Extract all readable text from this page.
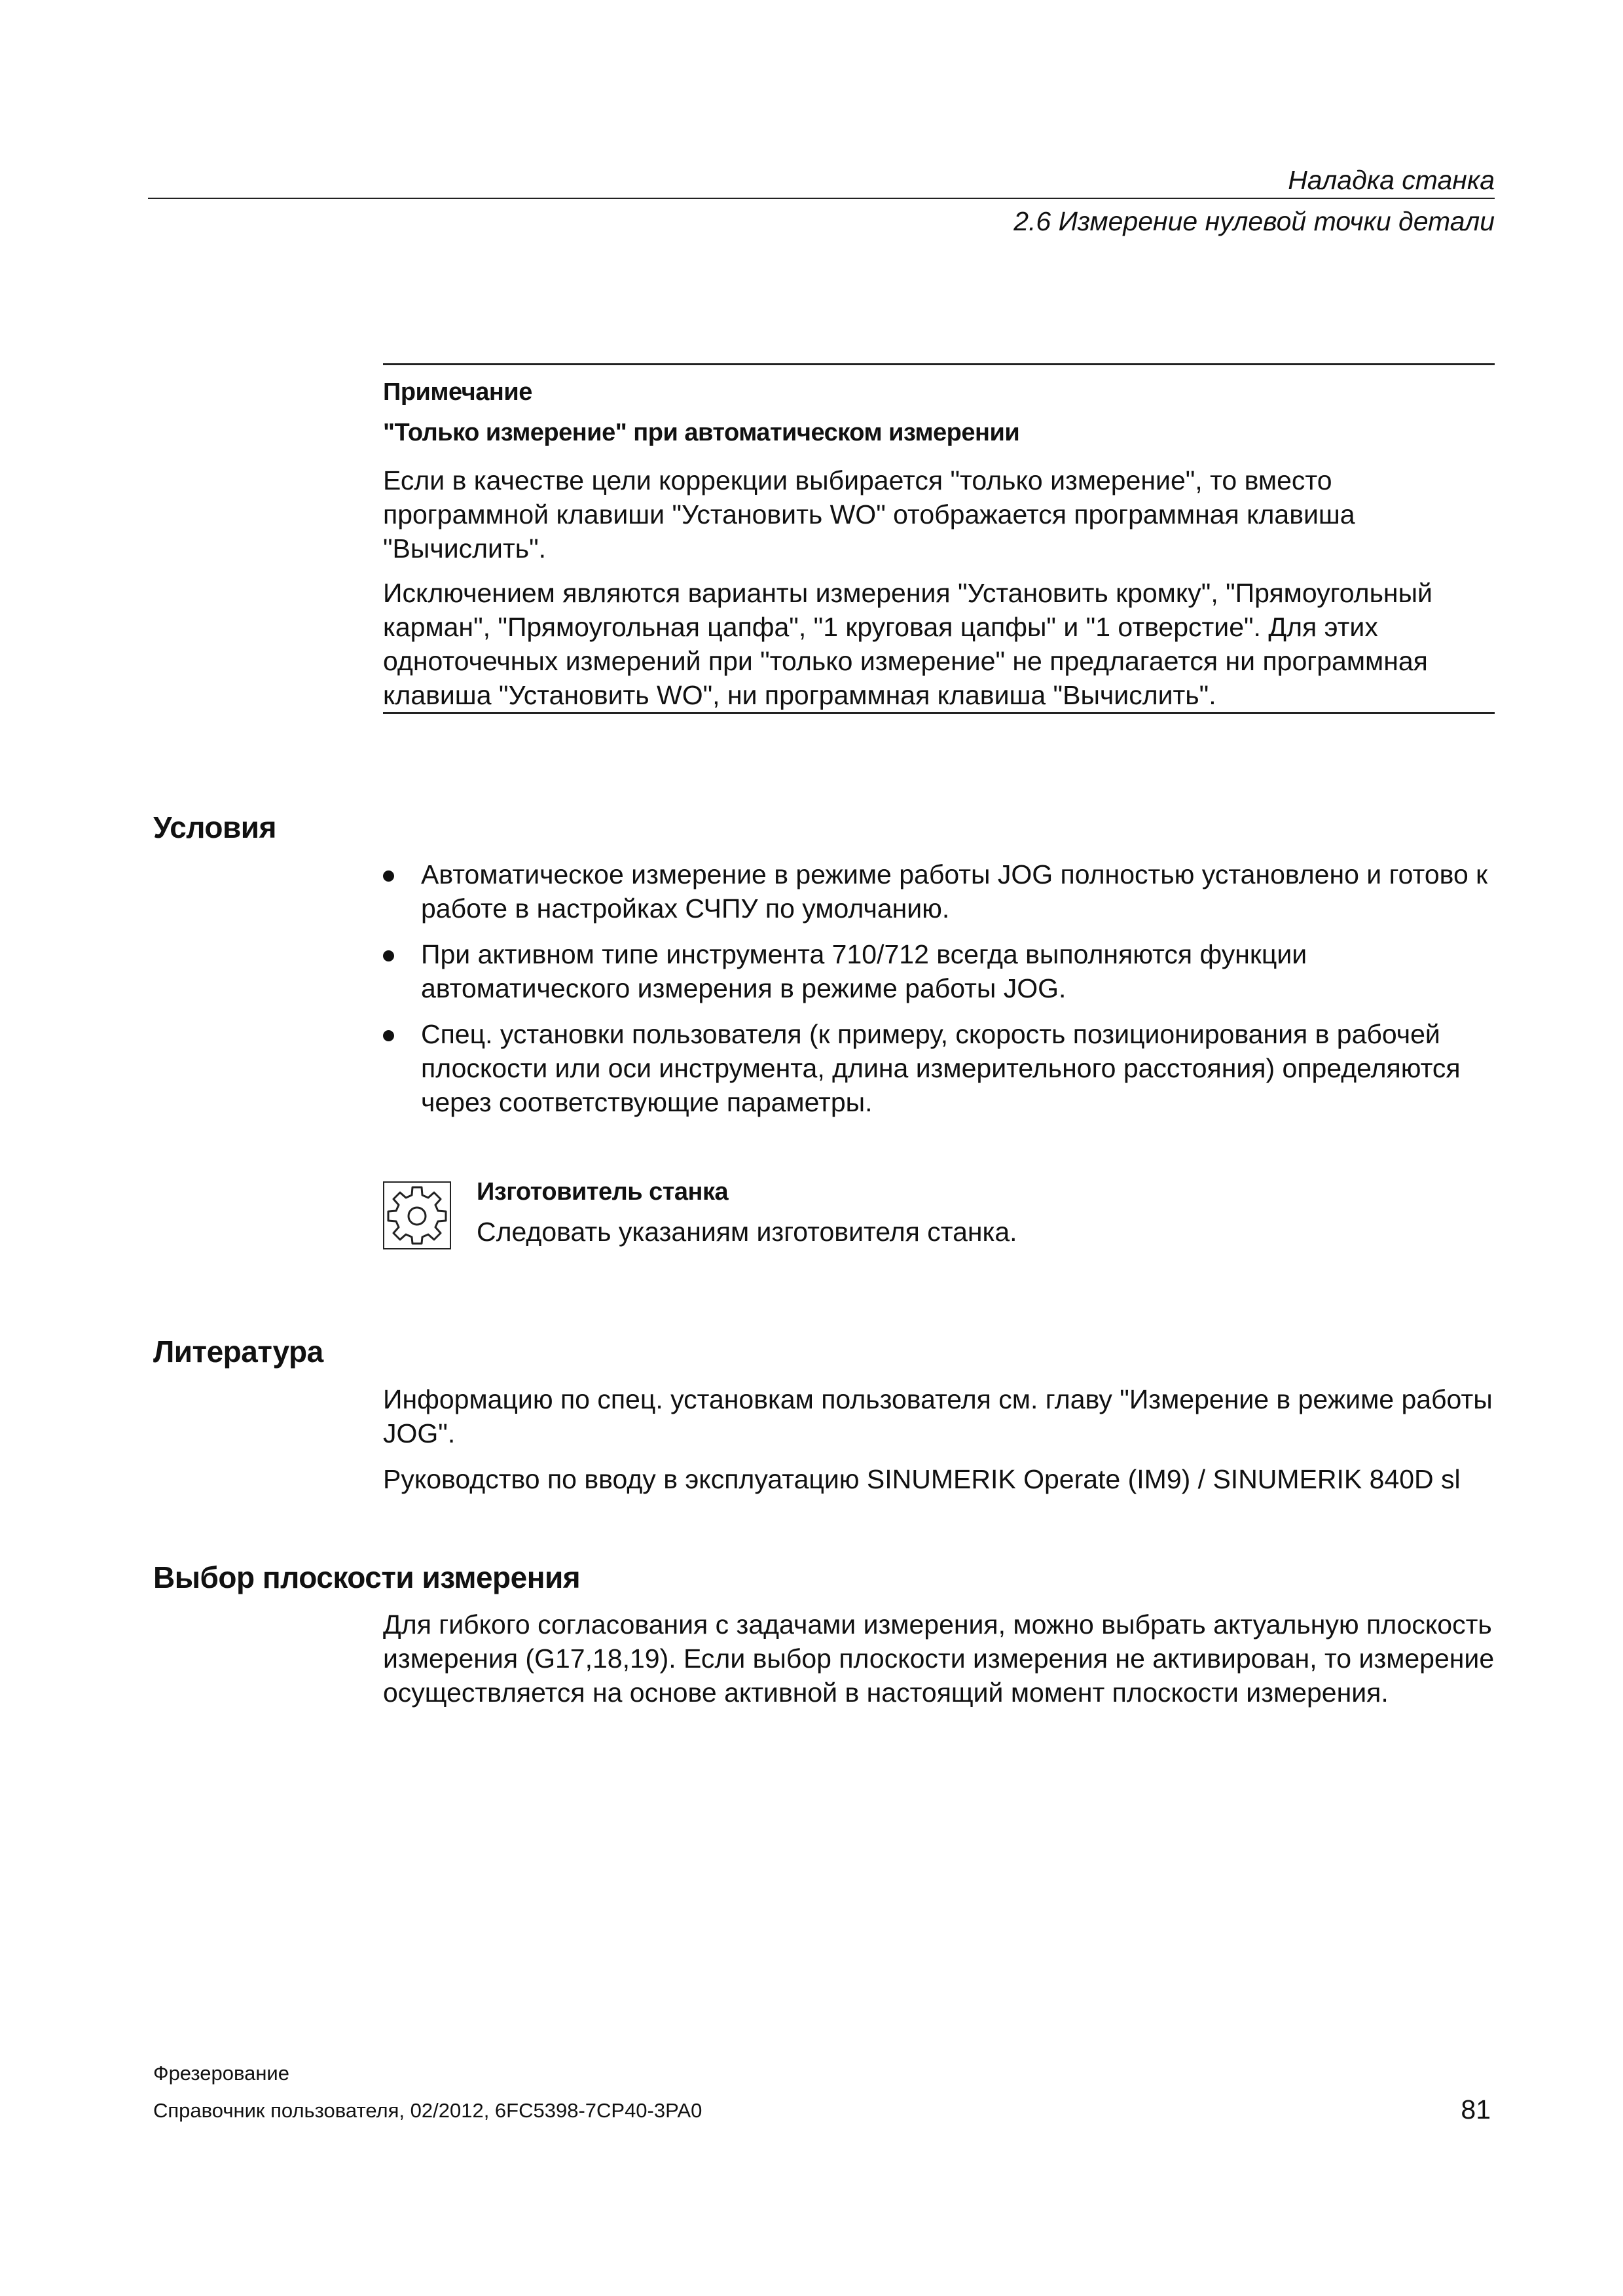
Наладка станка
2.6 Измерение нулевой точки детали
Примечание
"Только измерение" при автоматическом измерении
Если в качестве цели коррекции выбирается "только измерение", то вместо программной клавиши "Установить WO" отображается программная клавиша "Вычислить".
Исключением являются варианты измерения "Установить кромку", "Прямоугольный карман", "Прямоугольная цапфа", "1 круговая цапфы" и "1 отверстие". Для этих одноточечных измерений при "только измерение" не предлагается ни программная клавиша "Установить WO", ни программная клавиша "Вычислить".
Условия
Автоматическое измерение в режиме работы JOG полностью установлено и готово к работе в настройках СЧПУ по умолчанию.
При активном типе инструмента 710/712 всегда выполняются функции автоматического измерения в режиме работы JOG.
Спец. установки пользователя (к примеру, скорость позиционирования в рабочей плоскости или оси инструмента, длина измерительного расстояния) определяются через соответствующие параметры.
Изготовитель станка
Следовать указаниям изготовителя станка.
Литература
Информацию по спец. установкам пользователя см. главу "Измерение в режиме работы JOG".
Руководство по вводу в эксплуатацию SINUMERIK Operate (IM9) / SINUMERIK 840D sl
Выбор плоскости измерения
Для гибкого согласования с задачами измерения, можно выбрать актуальную плоскость измерения (G17,18,19). Если выбор плоскости измерения не активирован, то измерение осуществляется на основе активной в настоящий момент плоскости измерения.
Фрезерование
Справочник пользователя, 02/2012, 6FC5398-7CP40-3PA0	81
